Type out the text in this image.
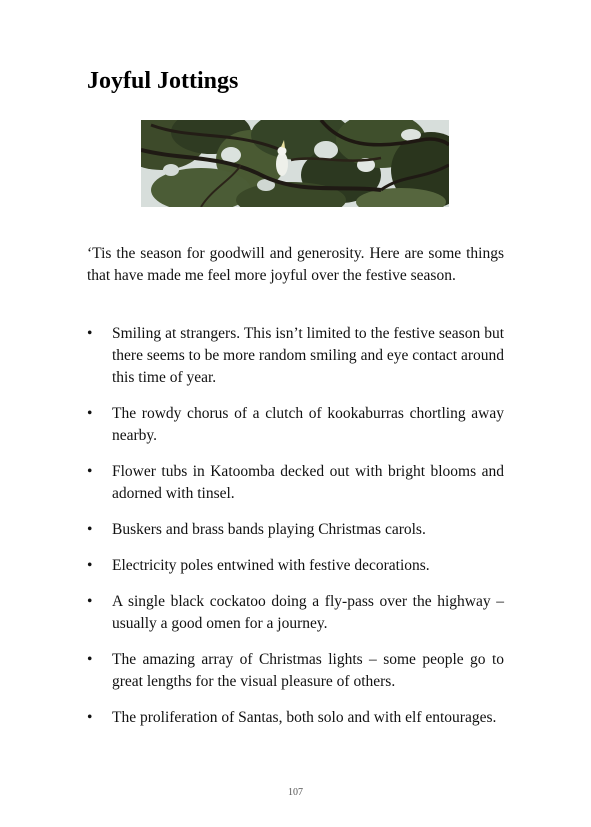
Joyful Jottings

‘Tis the season for goodwill and generosity. Here are some things that have made me feel more joyful over the festive season.

• Smiling at strangers. This isn’t limited to the festive season but there seems to be more random smiling and eye contact around this time of year.
• The rowdy chorus of a clutch of kookaburras chortling away nearby.
• Flower tubs in Katoomba decked out with bright blooms and adorned with tinsel.
• Buskers and brass bands playing Christmas carols.
• Electricity poles entwined with festive decorations.
• A single black cockatoo doing a fly-pass over the highway – usually a good omen for a journey.
• The amazing array of Christmas lights – some people go to great lengths for the visual pleasure of others.
• The proliferation of Santas, both solo and with elf entourages.
107
